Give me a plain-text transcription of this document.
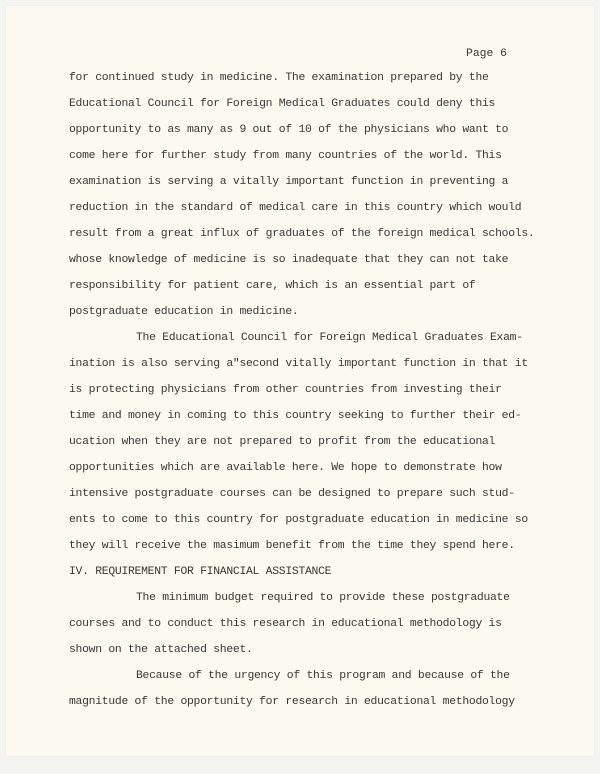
Page 6
for continued study in medicine. The examination prepared by the
Educational Council for Foreign Medical Graduates could deny this
opportunity to as many as 9 out of 10 of the physicians who want to
come here for further study from many countries of the world. This
examination is serving a vitally important function in preventing a
reduction in the standard of medical care in this country which would
result from a great influx of graduates of the foreign medical schools.
whose knowledge of medicine is so inadequate that they can not take
responsibility for patient care, which is an essential part of
postgraduate education in medicine.
The Educational Council for Foreign Medical Graduates Exam-
ination is also serving a"second vitally important function in that it
is protecting physicians from other countries from investing their
time and money in coming to this country seeking to further their ed-
ucation when they are not prepared to profit from the educational
opportunities which are available here. We hope to demonstrate how
intensive postgraduate courses can be designed to prepare such stud-
ents to come to this country for postgraduate education in medicine so
they will receive the masimum benefit from the time they spend here.
IV. REQUIREMENT FOR FINANCIAL ASSISTANCE
The minimum budget required to provide these postgraduate
courses and to conduct this research in educational methodology is
shown on the attached sheet.
Because of the urgency of this program and because of the
magnitude of the opportunity for research in educational methodology
